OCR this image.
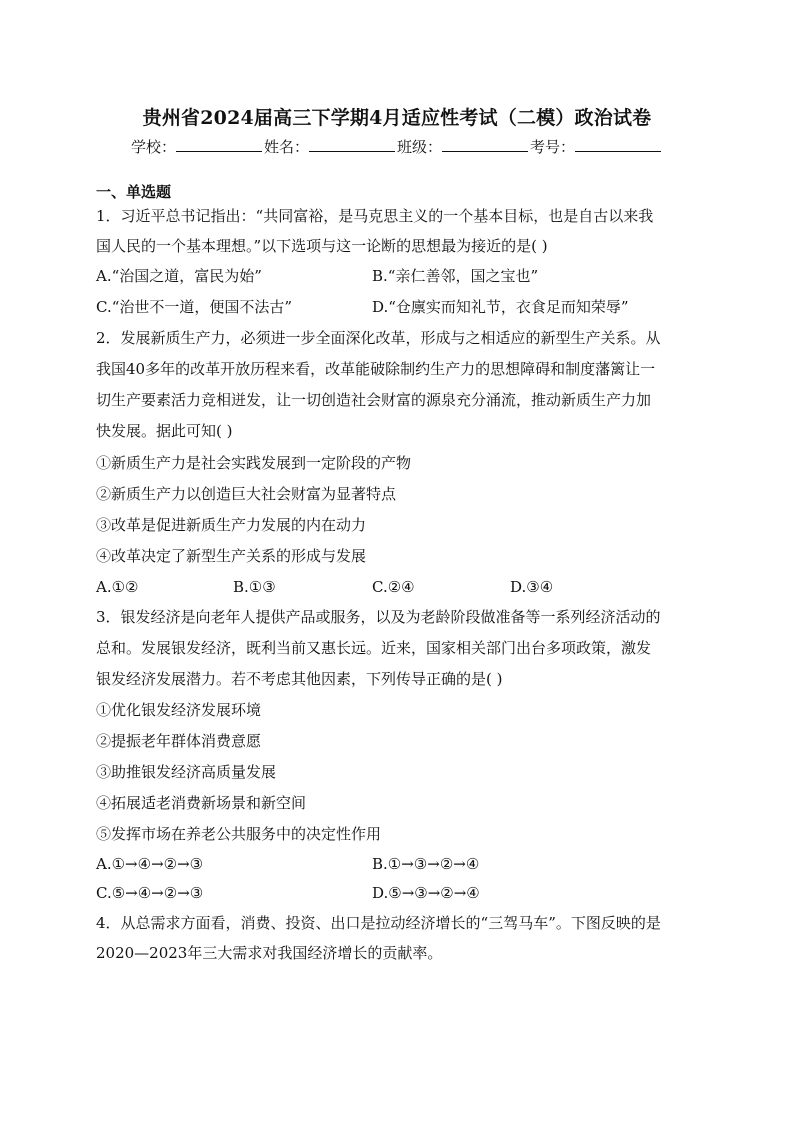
贵州省2024届高三下学期4月适应性考试（二模）政治试卷
学校：	姓名：	班级：	考号：
一、单选题
1．习近平总书记指出：“共同富裕，是马克思主义的一个基本目标，也是自古以来我
国人民的一个基本理想。”以下选项与这一论断的思想最为接近的是( )
A.“治国之道，富民为始”	B.“亲仁善邻，国之宝也”
C.“治世不一道，便国不法古”	D.“仓廪实而知礼节，衣食足而知荣辱”
2．发展新质生产力，必须进一步全面深化改革，形成与之相适应的新型生产关系。从
我国40多年的改革开放历程来看，改革能破除制约生产力的思想障碍和制度藩篱让一
切生产要素活力竞相迸发，让一切创造社会财富的源泉充分涌流，推动新质生产力加
快发展。据此可知( )
①新质生产力是社会实践发展到一定阶段的产物
②新质生产力以创造巨大社会财富为显著特点
③改革是促进新质生产力发展的内在动力
④改革决定了新型生产关系的形成与发展
A.①②	B.①③	C.②④	D.③④
3．银发经济是向老年人提供产品或服务，以及为老龄阶段做准备等一系列经济活动的
总和。发展银发经济，既利当前又惠长远。近来，国家相关部门出台多项政策，激发
银发经济发展潜力。若不考虑其他因素，下列传导正确的是( )
①优化银发经济发展环境
②提振老年群体消费意愿
③助推银发经济高质量发展
④拓展适老消费新场景和新空间
⑤发挥市场在养老公共服务中的决定性作用
A.①→④→②→③	B.①→③→②→④
C.⑤→④→②→③	D.⑤→③→②→④
4．从总需求方面看，消费、投资、出口是拉动经济增长的“三驾马车”。下图反映的是
2020—2023年三大需求对我国经济增长的贡献率。
